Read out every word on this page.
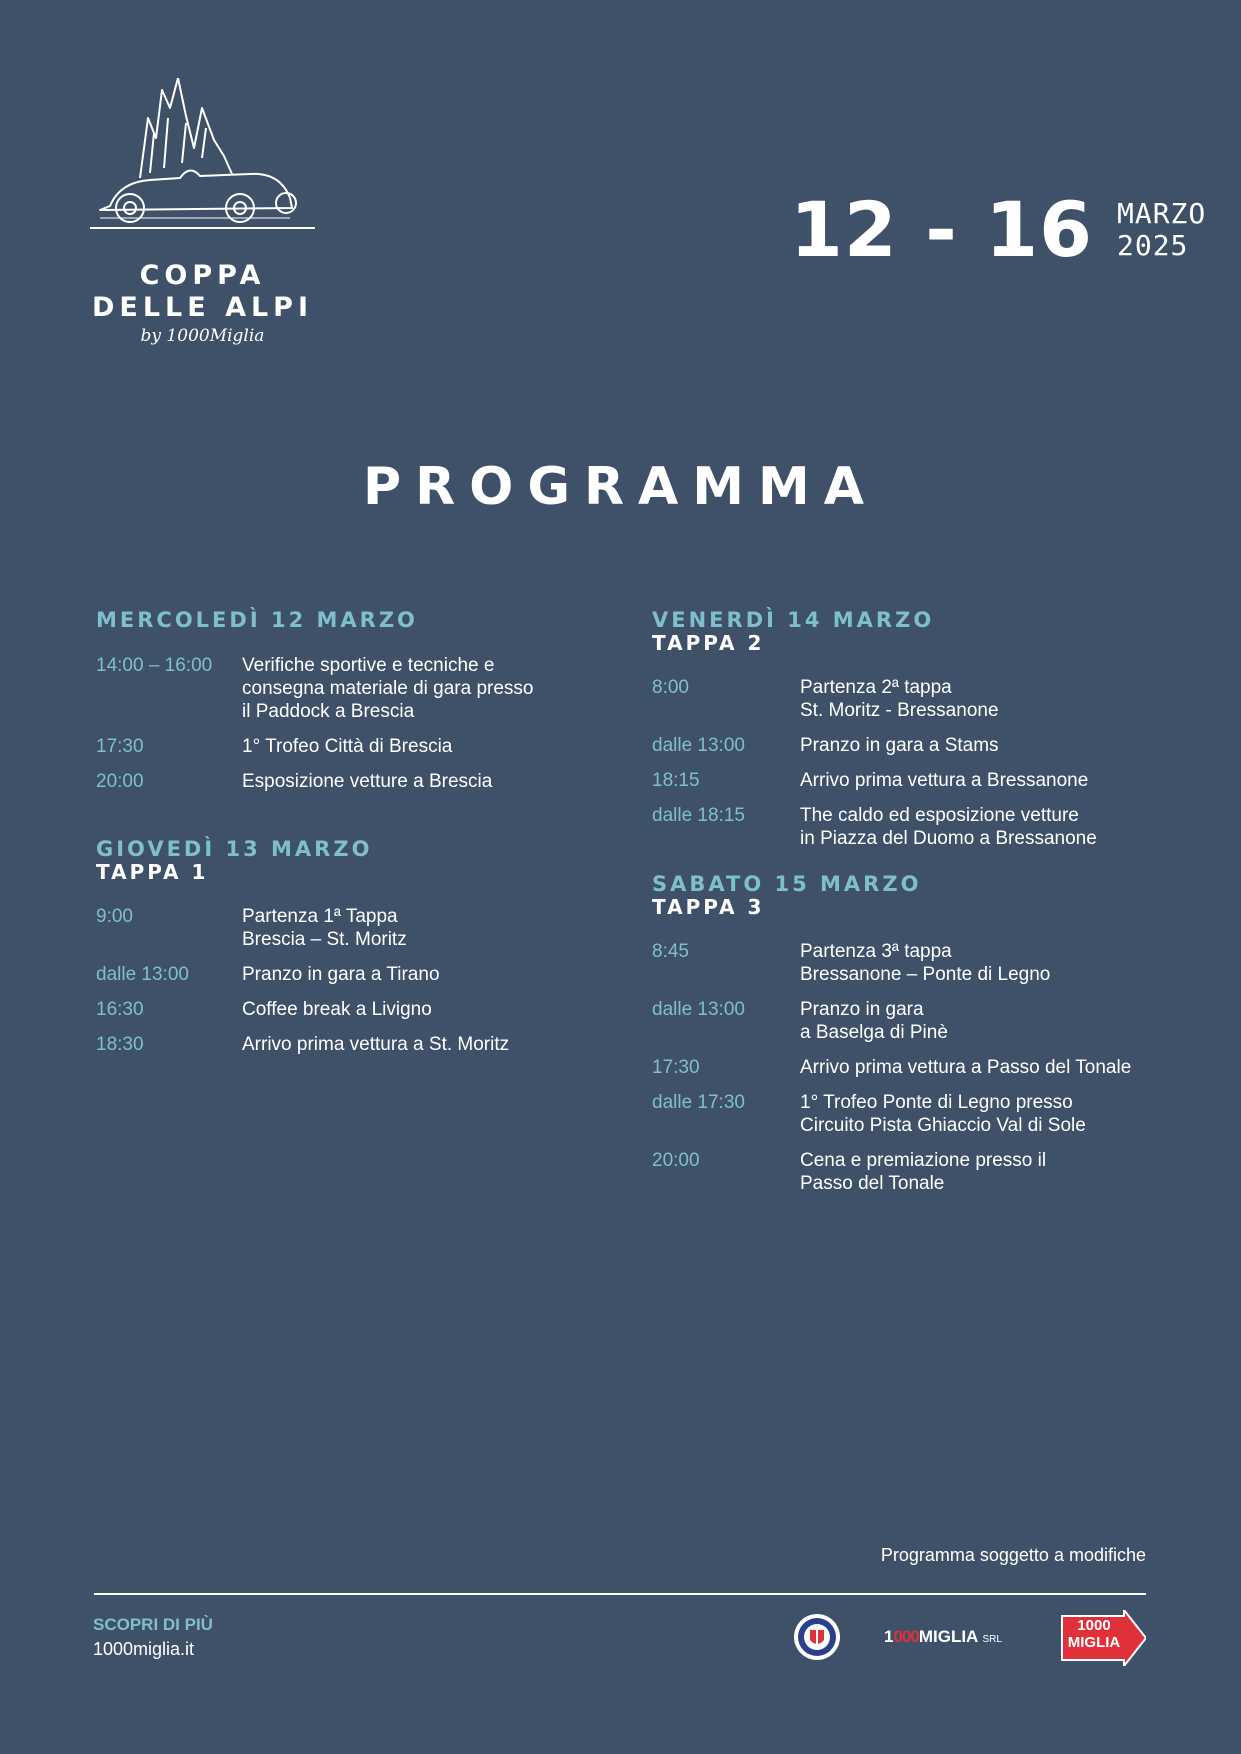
COPPA
DELLE ALPI
by 1000Miglia
12 - 16 MARZO
2025
PROGRAMMA
MERCOLEDÌ 12 MARZO
14:00 – 16:00	Verifiche sportive e tecniche e
consegna materiale di gara presso
il Paddock a Brescia
17:30	1° Trofeo Città di Brescia
20:00	Esposizione vetture a Brescia
GIOVEDÌ 13 MARZO
TAPPA 1
9:00	Partenza 1ª Tappa
Brescia – St. Moritz
dalle 13:00	Pranzo in gara a Tirano
16:30	Coffee break a Livigno
18:30	Arrivo prima vettura a St. Moritz
VENERDÌ 14 MARZO
TAPPA 2
8:00	Partenza 2ª tappa
St. Moritz - Bressanone
dalle 13:00	Pranzo in gara a Stams
18:15	Arrivo prima vettura a Bressanone
dalle 18:15	The caldo ed esposizione vetture
in Piazza del Duomo a Bressanone
SABATO 15 MARZO
TAPPA 3
8:45	Partenza 3ª tappa
Bressanone – Ponte di Legno
dalle 13:00	Pranzo in gara
a Baselga di Pinè
17:30	Arrivo prima vettura a Passo del Tonale
dalle 17:30	1° Trofeo Ponte di Legno presso
Circuito Pista Ghiaccio Val di Sole
20:00	Cena e premiazione presso il
Passo del Tonale
Programma soggetto a modifiche
SCOPRI DI PIÙ
1000miglia.it
1000MIGLIA SRL
1000
MIGLIA
